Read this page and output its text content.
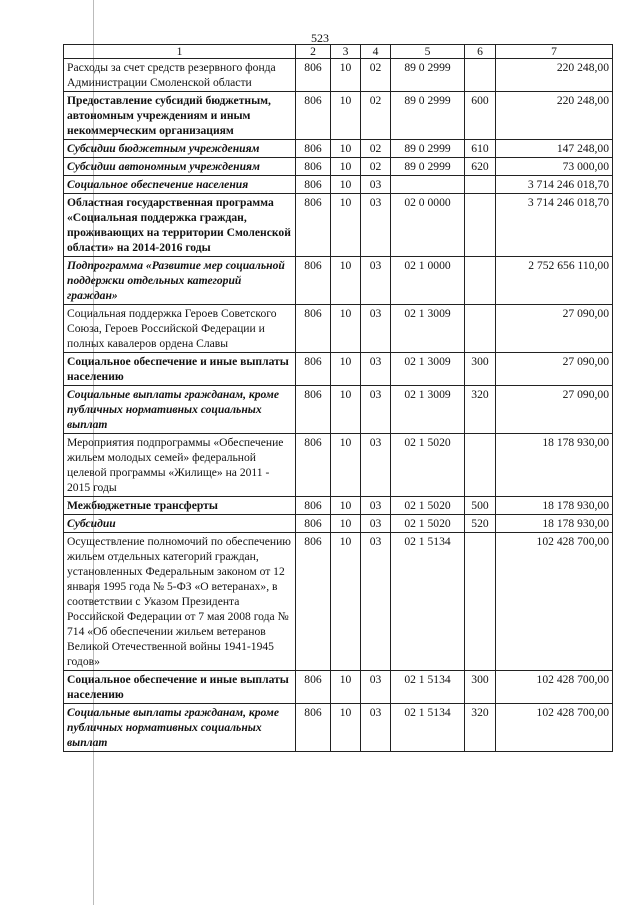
523
1	2	3	4	5	6	7
Расходы за счет средств резервного фонда Администрации Смоленской области	806	10	02	89 0 2999		220 248,00
Предоставление субсидий бюджетным, автономным учреждениям и иным некоммерческим организациям	806	10	02	89 0 2999	600	220 248,00
Субсидии бюджетным учреждениям	806	10	02	89 0 2999	610	147 248,00
Субсидии автономным учреждениям	806	10	02	89 0 2999	620	73 000,00
Социальное обеспечение населения	806	10	03			3 714 246 018,70
Областная государственная программа «Социальная поддержка граждан, проживающих на территории Смоленской области» на 2014-2016 годы	806	10	03	02 0 0000		3 714 246 018,70
Подпрограмма «Развитие мер социальной поддержки отдельных категорий граждан»	806	10	03	02 1 0000		2 752 656 110,00
Социальная поддержка Героев Советского Союза, Героев Российской Федерации и полных кавалеров ордена Славы	806	10	03	02 1 3009		27 090,00
Социальное обеспечение и иные выплаты населению	806	10	03	02 1 3009	300	27 090,00
Социальные выплаты гражданам, кроме публичных нормативных социальных выплат	806	10	03	02 1 3009	320	27 090,00
Мероприятия подпрограммы «Обеспечение жильем молодых семей» федеральной целевой программы «Жилище» на 2011 - 2015 годы	806	10	03	02 1 5020		18 178 930,00
Межбюджетные трансферты	806	10	03	02 1 5020	500	18 178 930,00
Субсидии	806	10	03	02 1 5020	520	18 178 930,00
Осуществление полномочий по обеспечению жильем отдельных категорий граждан, установленных Федеральным законом от 12 января 1995 года № 5-ФЗ «О ветеранах», в соответствии с Указом Президента Российской Федерации от 7 мая 2008 года № 714 «Об обеспечении жильем ветеранов Великой Отечественной войны 1941-1945 годов»	806	10	03	02 1 5134		102 428 700,00
Социальное обеспечение и иные выплаты населению	806	10	03	02 1 5134	300	102 428 700,00
Социальные выплаты гражданам, кроме публичных нормативных социальных выплат	806	10	03	02 1 5134	320	102 428 700,00
